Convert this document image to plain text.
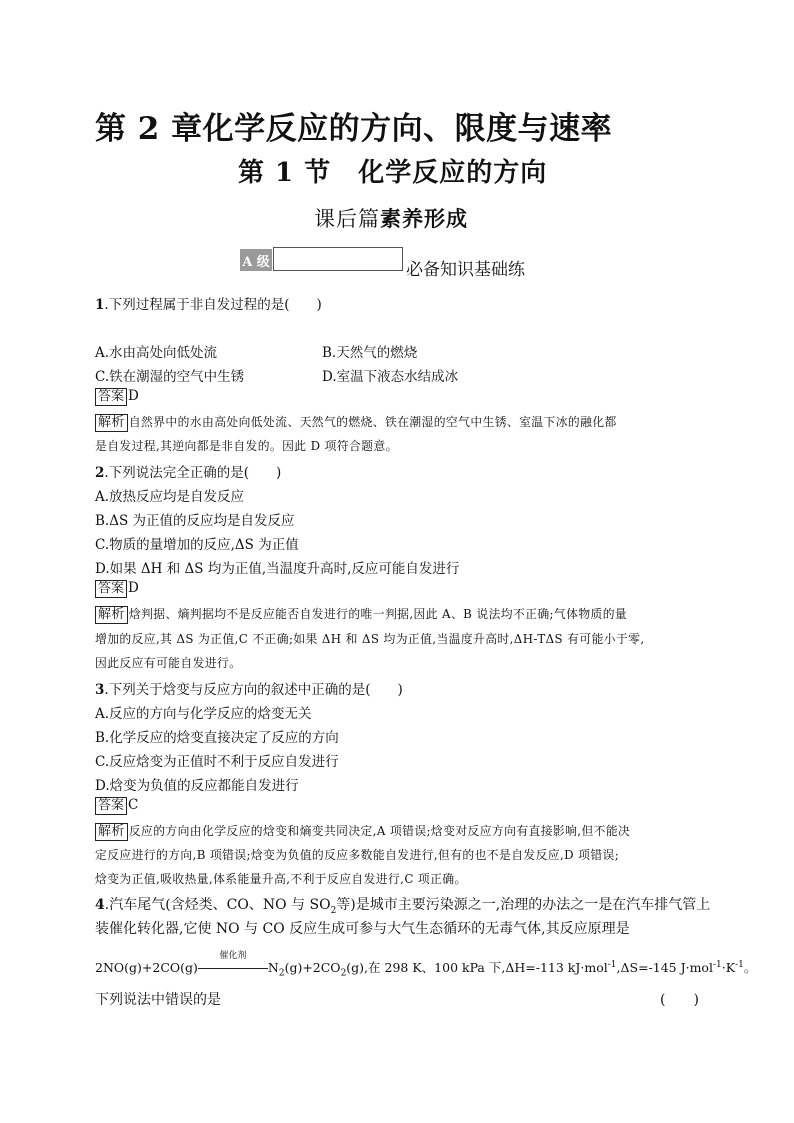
第 2 章化学反应的方向、限度与速率
第 1 节　化学反应的方向
课后篇素养形成
A 级	必备知识基础练
1.下列过程属于非自发过程的是(　　)
A.水由高处向低处流	B.天然气的燃烧
C.铁在潮湿的空气中生锈	D.室温下液态水结成冰
答案 D
解析 自然界中的水由高处向低处流、天然气的燃烧、铁在潮湿的空气中生锈、室温下冰的融化都
是自发过程,其逆向都是非自发的。因此 D 项符合题意。
2.下列说法完全正确的是(　　)
A.放热反应均是自发反应
B.ΔS 为正值的反应均是自发反应
C.物质的量增加的反应,ΔS 为正值
D.如果 ΔH 和 ΔS 均为正值,当温度升高时,反应可能自发进行
答案 D
解析 焓判据、熵判据均不是反应能否自发进行的唯一判据,因此 A、B 说法均不正确;气体物质的量
增加的反应,其 ΔS 为正值,C 不正确;如果 ΔH 和 ΔS 均为正值,当温度升高时,ΔH-TΔS 有可能小于零,
因此反应有可能自发进行。
3.下列关于焓变与反应方向的叙述中正确的是(　　)
A.反应的方向与化学反应的焓变无关
B.化学反应的焓变直接决定了反应的方向
C.反应焓变为正值时不利于反应自发进行
D.焓变为负值的反应都能自发进行
答案 C
解析 反应的方向由化学反应的焓变和熵变共同决定,A 项错误;焓变对反应方向有直接影响,但不能决
定反应进行的方向,B 项错误;焓变为负值的反应多数能自发进行,但有的也不是自发反应,D 项错误;
焓变为正值,吸收热量,体系能量升高,不利于反应自发进行,C 项正确。
4.汽车尾气(含烃类、CO、NO 与 $SO_2$等)是城市主要污染源之一,治理的办法之一是在汽车排气管上
装催化转化器,它使 NO 与 CO 反应生成可参与大气生态循环的无毒气体,其反应原理是
2NO(g)+2CO(g)
催化剂
$N_2(g)+2CO_2(g)$,在 298 K、100 kPa 下,ΔH=-113 kJ·mol$^{-1}$,ΔS=-145 $J\cdot mol^{-1}\cdot K^{-1}$。
下列说法中错误的是	(　　)
